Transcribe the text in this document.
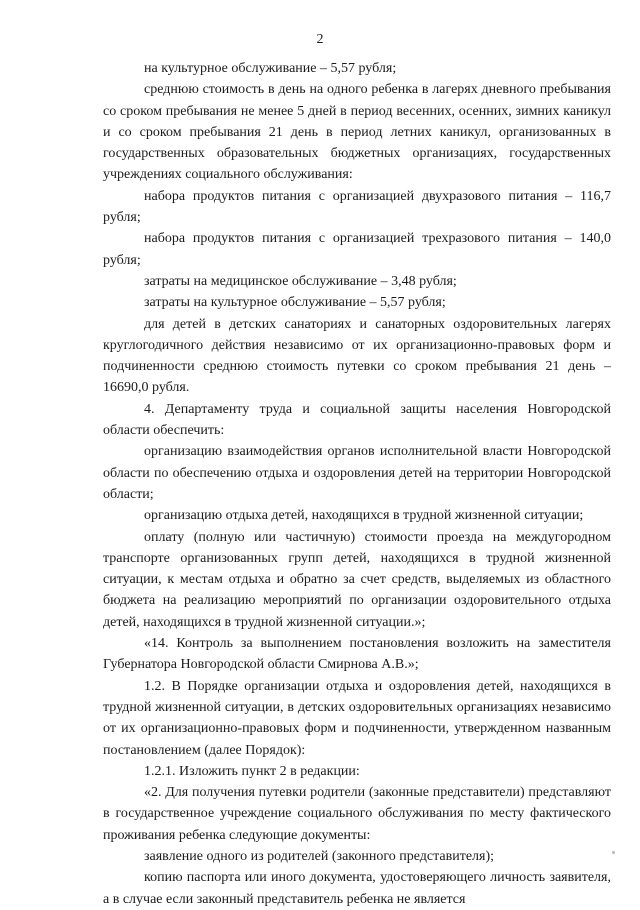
2

на культурное обслуживание – 5,57 рубля;

среднюю стоимость в день на одного ребенка в лагерях дневного пребывания со сроком пребывания не менее 5 дней в период весенних, осенних, зимних каникул и со сроком пребывания 21 день в период летних каникул, организованных в государственных образовательных бюджетных организациях, государственных учреждениях социального обслуживания:

набора продуктов питания с организацией двухразового питания – 116,7 рубля;

набора продуктов питания с организацией трехразового питания – 140,0 рубля;

затраты на медицинское обслуживание – 3,48 рубля;

затраты на культурное обслуживание – 5,57 рубля;

для детей в детских санаториях и санаторных оздоровительных лагерях круглогодичного действия независимо от их организационно-правовых форм и подчиненности среднюю стоимость путевки со сроком пребывания 21 день – 16690,0 рубля.

4. Департаменту труда и социальной защиты населения Новгородской области обеспечить:

организацию взаимодействия органов исполнительной власти Новгородской области по обеспечению отдыха и оздоровления детей на территории Новгородской области;

организацию отдыха детей, находящихся в трудной жизненной ситуации;

оплату (полную или частичную) стоимости проезда на междугородном транспорте организованных групп детей, находящихся в трудной жизненной ситуации, к местам отдыха и обратно за счет средств, выделяемых из областного бюджета на реализацию мероприятий по организации оздоровительного отдыха детей, находящихся в трудной жизненной ситуации.»;

«14. Контроль за выполнением постановления возложить на заместителя Губернатора Новгородской области Смирнова А.В.»;

1.2. В Порядке организации отдыха и оздоровления детей, находящихся в трудной жизненной ситуации, в детских оздоровительных организациях независимо от их организационно-правовых форм и подчиненности, утвержденном названным постановлением (далее Порядок):

1.2.1. Изложить пункт 2 в редакции:

«2. Для получения путевки родители (законные представители) представляют в государственное учреждение социального обслуживания по месту фактического проживания ребенка следующие документы:

заявление одного из родителей (законного представителя);

копию паспорта или иного документа, удостоверяющего личность заявителя, а в случае если законный представитель ребенка не является
